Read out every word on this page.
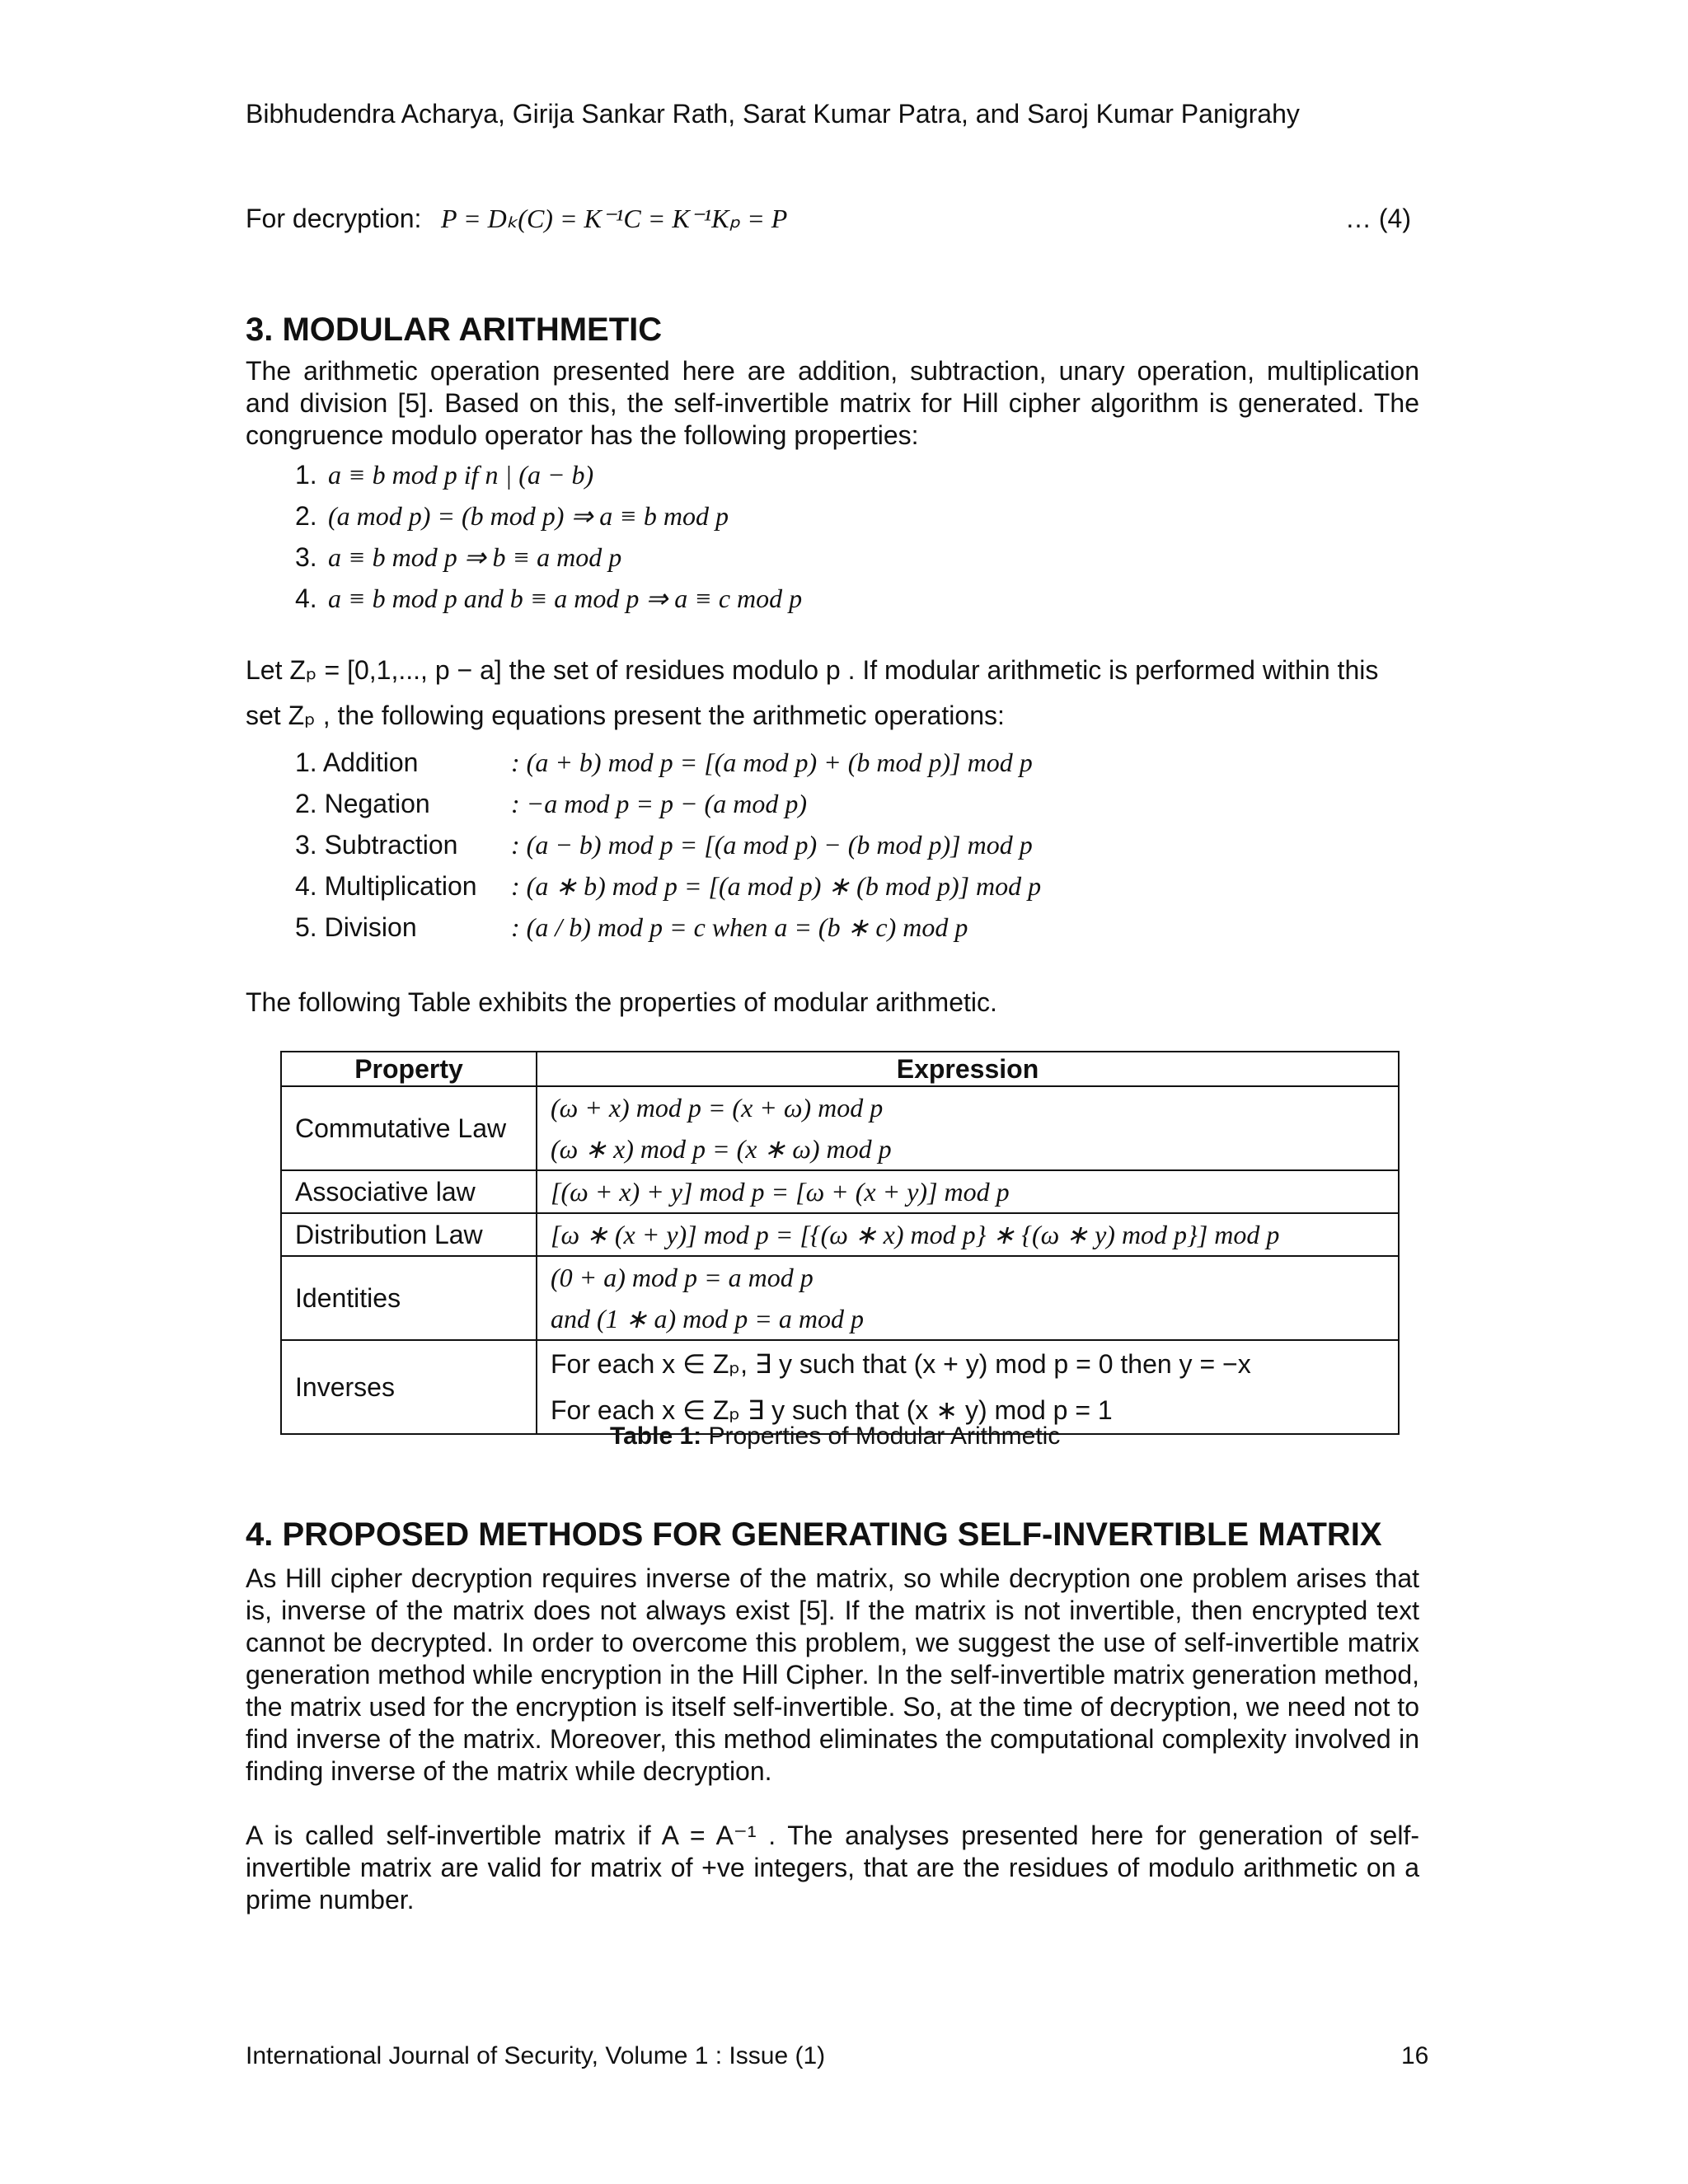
Bibhudendra Acharya, Girija Sankar Rath, Sarat Kumar Patra, and Saroj Kumar Panigrahy
For decryption: P = Dₖ(C) = K⁻¹C = K⁻¹Kₚ = P	… (4)
3. MODULAR ARITHMETIC

The arithmetic operation presented here are addition, subtraction, unary operation, multiplication and division [5]. Based on this, the self-invertible matrix for Hill cipher algorithm is generated. The congruence modulo operator has the following properties:

1. a ≡ b mod p if n | (a − b)
2. (a mod p) = (b mod p) ⇒ a ≡ b mod p
3. a ≡ b mod p ⇒ b ≡ a mod p
4. a ≡ b mod p and b ≡ a mod p ⇒ a ≡ c mod p
Let Zₚ = [0,1,..., p − a] the set of residues modulo p . If modular arithmetic is performed within this
set Zₚ , the following equations present the arithmetic operations:
1. Addition	: (a + b) mod p = [(a mod p) + (b mod p)] mod p
2. Negation	: −a mod p = p − (a mod p)
3. Subtraction : (a − b) mod p = [(a mod p) − (b mod p)] mod p
4. Multiplication : (a ∗ b) mod p = [(a mod p) ∗ (b mod p)] mod p
5. Division	: (a / b) mod p = c when a = (b ∗ c) mod p
The following Table exhibits the properties of modular arithmetic.
Property	Expression
Commutative Law	(ω + x) mod p = (x + ω) mod p
(ω ∗ x) mod p = (x ∗ ω) mod p

Associative law	[(ω + x) + y] mod p = [ω + (x + y)] mod p

Distribution Law	[ω ∗ (x + y)] mod p = [{(ω ∗ x) mod p} ∗ {(ω ∗ y) mod p}] mod p

Identities	(0 + a) mod p = a mod p
and (1 ∗ a) mod p = a mod p

Inverses	For each x ∈ Zₚ, ∃ y such that (x + y) mod p = 0 then y = −x
For each x ∈ Zₚ ∃ y such that (x ∗ y) mod p = 1
Table 1: Properties of Modular Arithmetic
4. PROPOSED METHODS FOR GENERATING SELF-INVERTIBLE MATRIX

As Hill cipher decryption requires inverse of the matrix, so while decryption one problem arises that is, inverse of the matrix does not always exist [5]. If the matrix is not invertible, then encrypted text cannot be decrypted. In order to overcome this problem, we suggest the use of self-invertible matrix generation method while encryption in the Hill Cipher. In the self-invertible matrix generation method, the matrix used for the encryption is itself self-invertible. So, at the time of decryption, we need not to find inverse of the matrix. Moreover, this method eliminates the computational complexity involved in finding inverse of the matrix while decryption.

A is called self-invertible matrix if A = A⁻¹ . The analyses presented here for generation of self-invertible matrix are valid for matrix of +ve integers, that are the residues of modulo arithmetic on a prime number.

International Journal of Security, Volume 1 : Issue (1)	16
